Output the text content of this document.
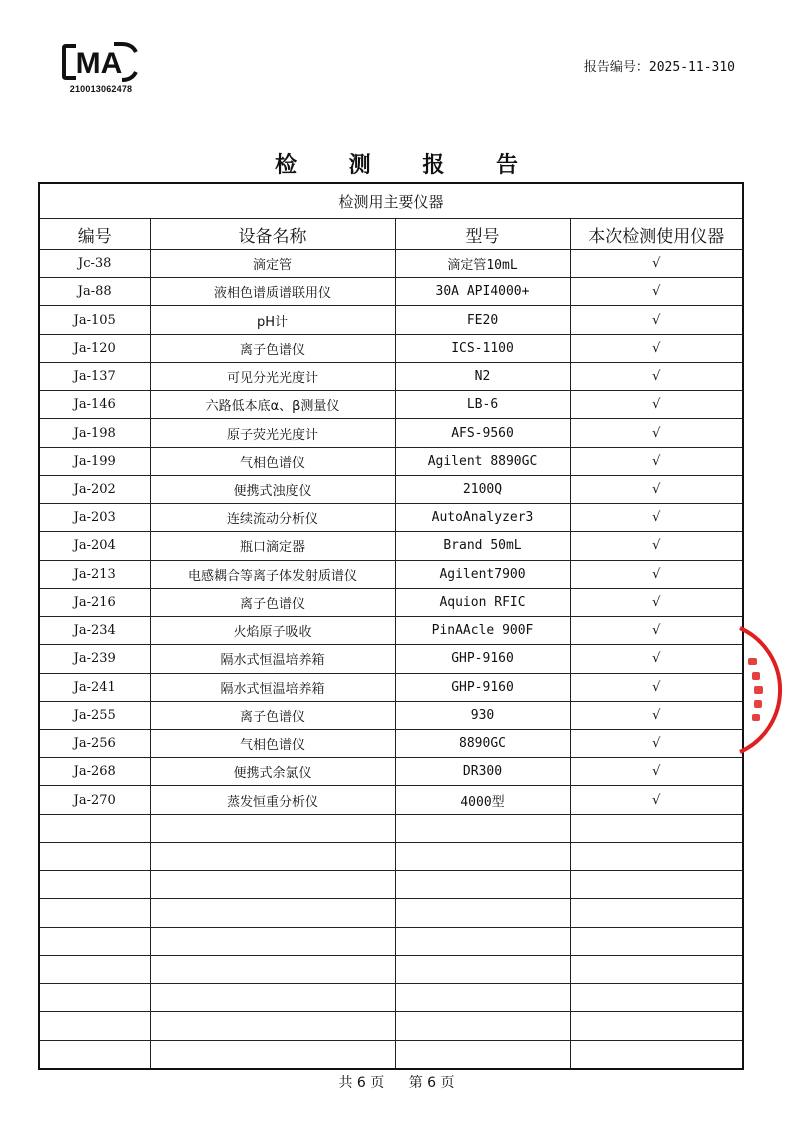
MA
210013062478
报告编号：2025-11-310
检 测 报 告
检测用主要仪器			
编号	设备名称	型号	本次检测使用仪器
Jc-38	滴定管	滴定管10mL	√
Ja-88	液相色谱质谱联用仪	30A API4000+	√
Ja-105	pH计	FE20	√
Ja-120	离子色谱仪	ICS-1100	√
Ja-137	可见分光光度计	N2	√
Ja-146	六路低本底α、β测量仪	LB-6	√
Ja-198	原子荧光光度计	AFS-9560	√
Ja-199	气相色谱仪	Agilent 8890GC	√
Ja-202	便携式浊度仪	2100Q	√
Ja-203	连续流动分析仪	AutoAnalyzer3	√
Ja-204	瓶口滴定器	Brand 50mL	√
Ja-213	电感耦合等离子体发射质谱仪	Agilent7900	√
Ja-216	离子色谱仪	Aquion RFIC	√
Ja-234	火焰原子吸收	PinAAcle 900F	√
Ja-239	隔水式恒温培养箱	GHP-9160	√
Ja-241	隔水式恒温培养箱	GHP-9160	√
Ja-255	离子色谱仪	930	√
Ja-256	气相色谱仪	8890GC	√
Ja-268	便携式余氯仪	DR300	√
Ja-270	蒸发恒重分析仪	4000型	√

共 6 页 第 6 页
